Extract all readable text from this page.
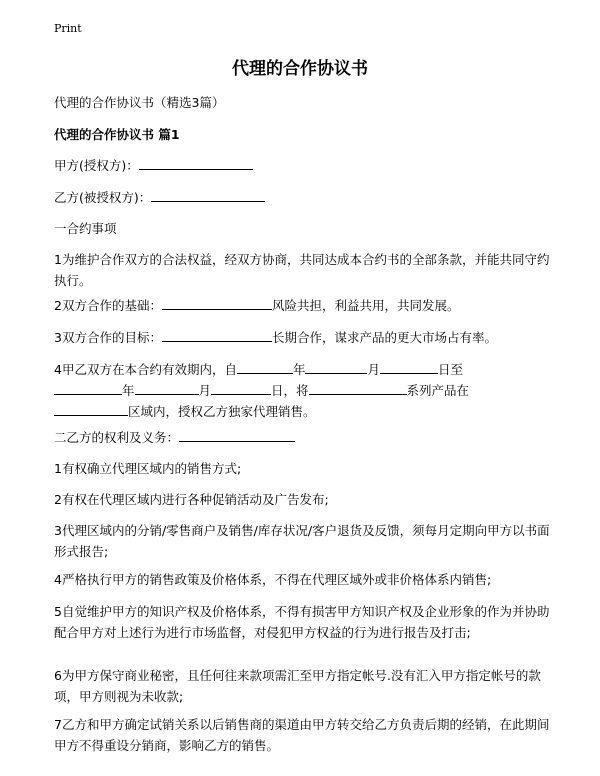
Print
代理的合作协议书
代理的合作协议书（精选3篇）
代理的合作协议书 篇1
甲方(授权方)：
乙方(被授权方)：
一合约事项
1为维护合作双方的合法权益，经双方协商，共同达成本合约书的全部条款，并能共同守约执行。
2双方合作的基础：	风险共担，利益共用，共同发展。
3双方合作的目标：	长期合作，谋求产品的更大市场占有率。
4甲乙双方在本合约有效期内，自	年	月	日至
年	月	日，将	系列产品在
区域内，授权乙方独家代理销售。
二乙方的权利及义务：
1有权确立代理区域内的销售方式;
2有权在代理区域内进行各种促销活动及广告发布;
3代理区域内的分销/零售商户及销售/库存状况/客户退货及反馈，须每月定期向甲方以书面形式报告;
4严格执行甲方的销售政策及价格体系，不得在代理区域外或非价格体系内销售;
5自觉维护甲方的知识产权及价格体系，不得有损害甲方知识产权及企业形象的作为并协助配合甲方对上述行为进行市场监督，对侵犯甲方权益的行为进行报告及打击;
6为甲方保守商业秘密，且任何往来款项需汇至甲方指定帐号.没有汇入甲方指定帐号的款项，甲方则视为未收款;
7乙方和甲方确定试销关系以后销售商的渠道由甲方转交给乙方负责后期的经销，在此期间甲方不得重设分销商，影响乙方的销售。
